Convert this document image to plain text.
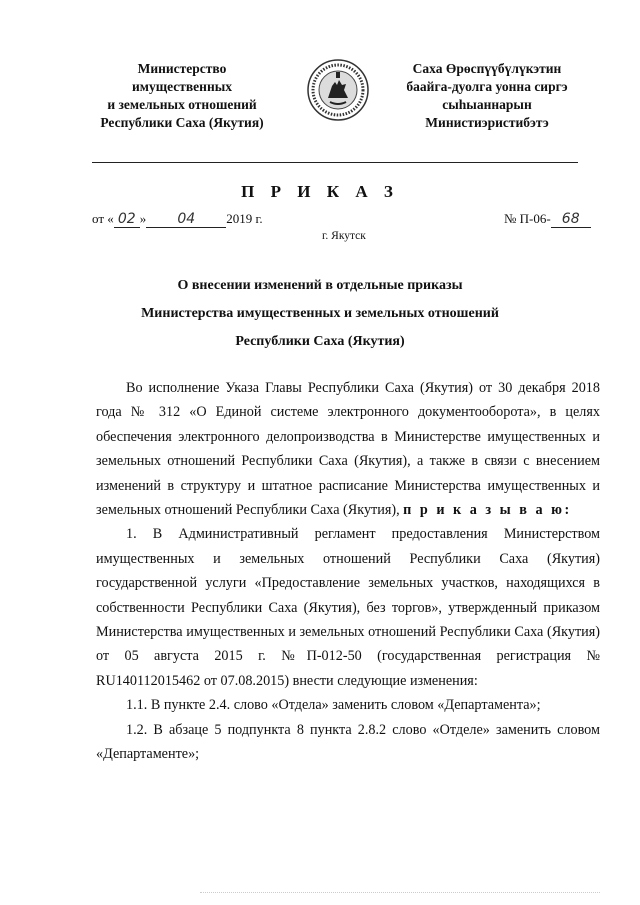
Министерство
имущественных
и земельных отношений
Республики Саха (Якутия)
Саха Өрөспүүбүлүкэтин
баайга-дуолга уонна сиргэ
сыһыаннарын
Министиэристибэтэ
П Р И К А З
от « 02 » 04 2019 г.	№ П-06- 68
г. Якутск
О внесении изменений в отдельные приказы
Министерства имущественных и земельных отношений
Республики Саха (Якутия)

Во исполнение Указа Главы Республики Саха (Якутия) от 30 декабря 2018 года № 312 «О Единой системе электронного документооборота», в целях обеспечения электронного делопроизводства в Министерстве имущественных и земельных отношений Республики Саха (Якутия), а также в связи с внесением изменений в структуру и штатное расписание Министерства имущественных и земельных отношений Республики Саха (Якутия), п р и к а з ы в а ю:

1. В Административный регламент предоставления Министерством имущественных и земельных отношений Республики Саха (Якутия) государственной услуги «Предоставление земельных участков, находящихся в собственности Республики Саха (Якутия), без торгов», утвержденный приказом Министерства имущественных и земельных отношений Республики Саха (Якутия) от 05 августа 2015 г. №П-012-50 (государственная регистрация № RU140112015462 от 07.08.2015) внести следующие изменения:

1.1. В пункте 2.4. слово «Отдела» заменить словом «Департамента»;

1.2. В абзаце 5 подпункта 8 пункта 2.8.2 слово «Отделе» заменить словом «Департаменте»;
